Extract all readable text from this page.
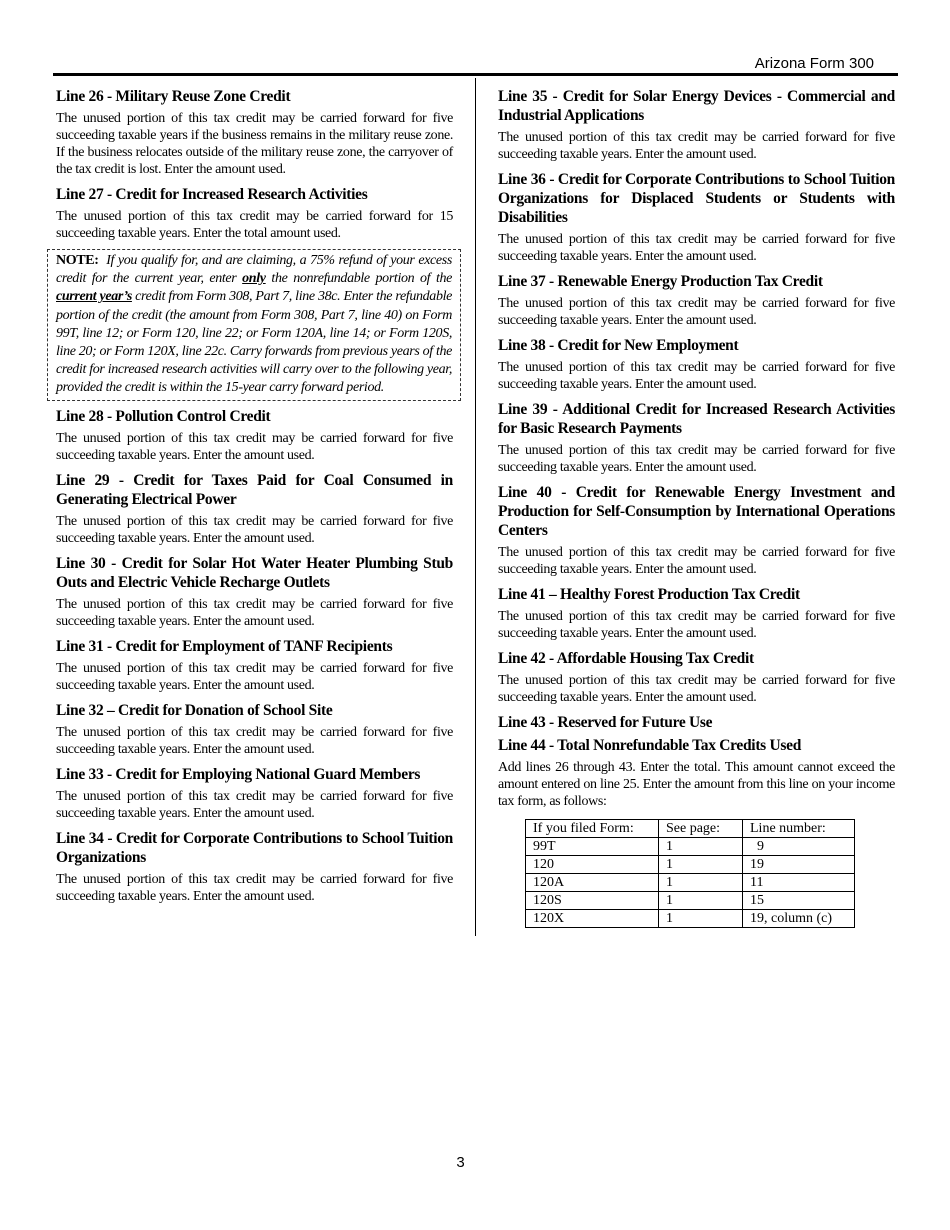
Arizona Form 300
Line 26 - Military Reuse Zone Credit

The unused portion of this tax credit may be carried forward for five succeeding taxable years if the business remains in the military reuse zone. If the business relocates outside of the military reuse zone, the carryover of the tax credit is lost. Enter the amount used.

Line 27 - Credit for Increased Research Activities

The unused portion of this tax credit may be carried forward for 15 succeeding taxable years. Enter the total amount used.

NOTE: If you qualify for, and are claiming, a 75% refund of your excess credit for the current year, enter only the nonrefundable portion of the current year’s credit from Form 308, Part 7, line 38c. Enter the refundable portion of the credit (the amount from Form 308, Part 7, line 40) on Form 99T, line 12; or Form 120, line 22; or Form 120A, line 14; or Form 120S, line 20; or Form 120X, line 22c. Carry forwards from previous years of the credit for increased research activities will carry over to the following year, provided the credit is within the 15-year carry forward period.
Line 28 - Pollution Control Credit

The unused portion of this tax credit may be carried forward for five succeeding taxable years. Enter the amount used.

Line 29 - Credit for Taxes Paid for Coal Consumed in Generating Electrical Power

The unused portion of this tax credit may be carried forward for five succeeding taxable years. Enter the amount used.

Line 30 - Credit for Solar Hot Water Heater Plumbing Stub Outs and Electric Vehicle Recharge Outlets

The unused portion of this tax credit may be carried forward for five succeeding taxable years. Enter the amount used.

Line 31 - Credit for Employment of TANF Recipients

The unused portion of this tax credit may be carried forward for five succeeding taxable years. Enter the amount used.

Line 32 – Credit for Donation of School Site

The unused portion of this tax credit may be carried forward for five succeeding taxable years. Enter the amount used.

Line 33 - Credit for Employing National Guard Members

The unused portion of this tax credit may be carried forward for five succeeding taxable years. Enter the amount used.

Line 34 - Credit for Corporate Contributions to School Tuition Organizations

The unused portion of this tax credit may be carried forward for five succeeding taxable years. Enter the amount used.

Line 35 - Credit for Solar Energy Devices - Commercial and Industrial Applications

The unused portion of this tax credit may be carried forward for five succeeding taxable years. Enter the amount used.

Line 36 - Credit for Corporate Contributions to School Tuition Organizations for Displaced Students or Students with Disabilities

The unused portion of this tax credit may be carried forward for five succeeding taxable years. Enter the amount used.

Line 37 - Renewable Energy Production Tax Credit

The unused portion of this tax credit may be carried forward for five succeeding taxable years. Enter the amount used.

Line 38 - Credit for New Employment

The unused portion of this tax credit may be carried forward for five succeeding taxable years. Enter the amount used.

Line 39 - Additional Credit for Increased Research Activities for Basic Research Payments

The unused portion of this tax credit may be carried forward for five succeeding taxable years. Enter the amount used.

Line 40 - Credit for Renewable Energy Investment and Production for Self-Consumption by International Operations Centers

The unused portion of this tax credit may be carried forward for five succeeding taxable years. Enter the amount used.

Line 41 – Healthy Forest Production Tax Credit

The unused portion of this tax credit may be carried forward for five succeeding taxable years. Enter the amount used.

Line 42 - Affordable Housing Tax Credit

The unused portion of this tax credit may be carried forward for five succeeding taxable years. Enter the amount used.

Line 43 - Reserved for Future Use
Line 44 - Total Nonrefundable Tax Credits Used

Add lines 26 through 43. Enter the total. This amount cannot exceed the amount entered on line 25. Enter the amount from this line on your income tax form, as follows:

If you filed Form:	See page:	Line number:
99T	1	9
120	1	19
120A	1	11
120S	1	15
120X	1	19, column (c)
3
